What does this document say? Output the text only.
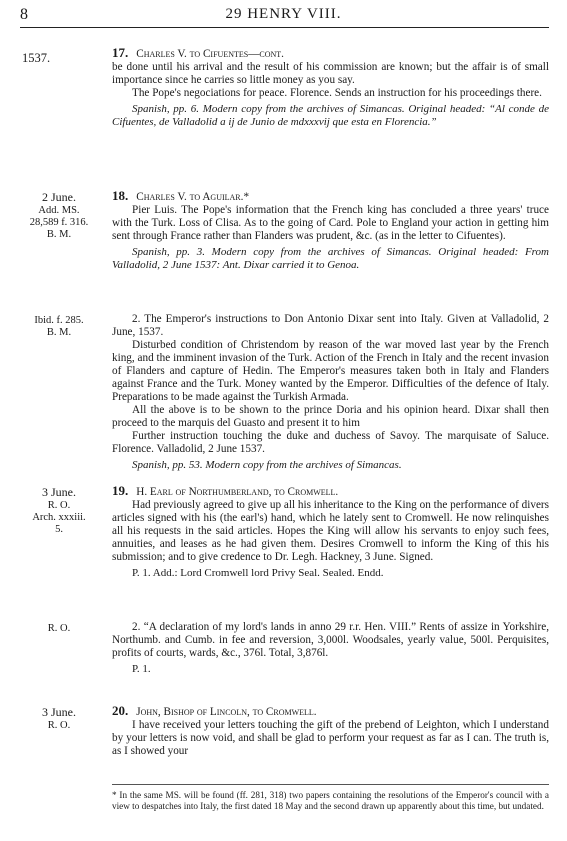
8	29 HENRY VIII.
1537.	17. Charles V. to Cifuentes—cont.

be done until his arrival and the result of his commission are known; but the affair is of small importance since he carries so little money as you say.

The Pope's negociations for peace. Florence. Sends an instruction for his proceedings there.

Spanish, pp. 6. Modern copy from the archives of Simancas. Original headed: “Al conde de Cifuentes, de Valladolid a ij de Junio de mdxxxvij que esta en Florencia.”

2 June.
Add. MS.
28,589 f. 316.
B. M.

18. Charles V. to Aguilar.*

Pier Luis. The Pope's information that the French king has concluded a three years' truce with the Turk. Loss of Clisa. As to the going of Card. Pole to England your action in getting him sent through France rather than Flanders was prudent, &c. (as in the letter to Cifuentes).

Spanish, pp. 3. Modern copy from the archives of Simancas. Original headed: From Valladolid, 2 June 1537: Ant. Dixar carried it to Genoa.

Ibid. f. 285.
B. M.

2. The Emperor's instructions to Don Antonio Dixar sent into Italy. Given at Valladolid, 2 June, 1537.

Disturbed condition of Christendom by reason of the war moved last year by the French king, and the imminent invasion of the Turk. Action of the French in Italy and the recent invasion of Flanders and capture of Hedin. The Emperor's measures taken both in Italy and Flanders against France and the Turk. Money wanted by the Emperor. Difficulties of the defence of Italy. Preparations to be made against the Turkish Armada.

All the above is to be shown to the prince Doria and his opinion heard. Dixar shall then proceed to the marquis del Guasto and present it to him

Further instruction touching the duke and duchess of Savoy. The marquisate of Saluce. Florence. Valladolid, 2 June 1537.

Spanish, pp. 53. Modern copy from the archives of Simancas.

3 June.
R. O.
Arch. xxxiii.
5.

19. H. Earl of Northumberland, to Cromwell.

Had previously agreed to give up all his inheritance to the King on the performance of divers articles signed with his (the earl's) hand, which he lately sent to Cromwell. He now relinquishes all his requests in the said articles. Hopes the King will allow his servants to enjoy such fees, annuities, and leases as he had given them. Desires Cromwell to inform the King of this his submission; and to give credence to Dr. Legh. Hackney, 3 June. Signed.

P. 1. Add.: Lord Cromwell lord Privy Seal. Sealed. Endd.

R. O.	2. “A declaration of my lord's lands in anno 29 r.r. Hen. VIII.” Rents of assize in Yorkshire, Northumb. and Cumb. in fee and reversion, 3,000l. Woodsales, yearly value, 500l. Perquisites, profits of courts, wards, &c., 376l. Total, 3,876l.

P. 1.

3 June.
R. O.

20. John, Bishop of Lincoln, to Cromwell.

I have received your letters touching the gift of the prebend of Leighton, which I understand by your letters is now void, and shall be glad to perform your request as far as I can. The truth is, as I showed your

* In the same MS. will be found (ff. 281, 318) two papers containing the resolutions of the Emperor's council with a view to despatches into Italy, the first dated 18 May and the second drawn up apparently about this time, but undated.
